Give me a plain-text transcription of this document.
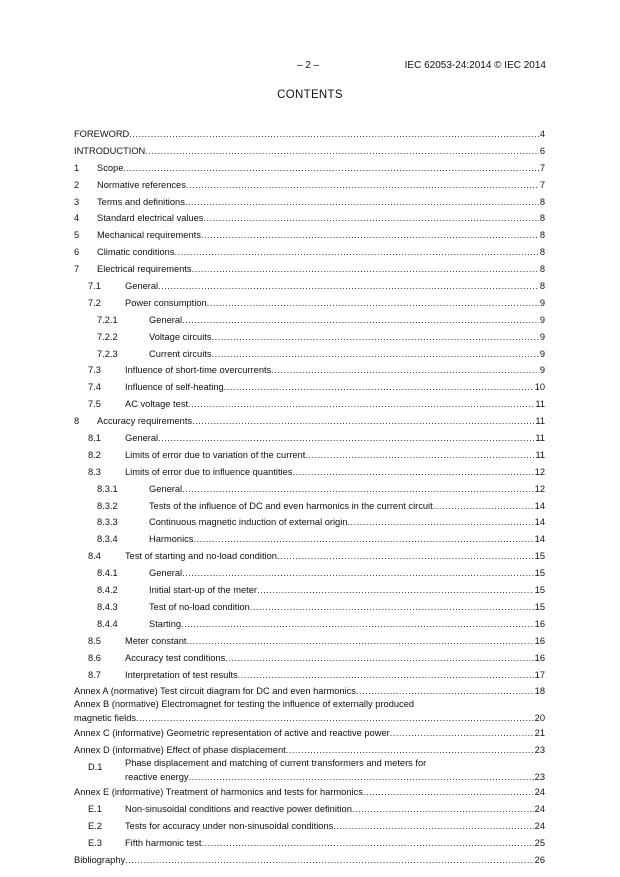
– 2 –	IEC 62053-24:2014 © IEC 2014
CONTENTS
FOREWORD . . .	4
INTRODUCTION . . .	6
1 Scope . . .	7
2 Normative references . . .	7
3 Terms and definitions . . .	8
4 Standard electrical values . . .	8
5 Mechanical requirements . . .	8
6 Climatic conditions . . .	8
7 Electrical requirements . . .	8
7.1	General . . .	8
7.2	Power consumption . . .	9
7.2.1	General . . .	9
7.2.2	Voltage circuits . . .	9
7.2.3	Current circuits . . .	9
7.3	Influence of short-time overcurrents . . .	9
7.4	Influence of self-heating . . .	10
7.5	AC voltage test . . .	11
8 Accuracy requirements . . .	11
8.1	General . . .	11
8.2	Limits of error due to variation of the current . . .	11
8.3	Limits of error due to influence quantities . . .	12
8.3.1	General . . .	12
8.3.2	Tests of the influence of DC and even harmonics in the current circuit . . .	14
8.3.3	Continuous magnetic induction of external origin . . .	14
8.3.4	Harmonics . . .	14
8.4	Test of starting and no-load condition . . .	15
8.4.1	General . . .	15
8.4.2	Initial start-up of the meter . . .	15
8.4.3	Test of no-load condition . . .	15
8.4.4	Starting . . .	16
8.5	Meter constant . . .	16
8.6	Accuracy test conditions . . .	16
8.7	Interpretation of test results . . .	17
Annex A (normative) Test circuit diagram for DC and even harmonics . . .	18
Annex B (normative) Electromagnet for testing the influence of externally produced
magnetic fields . . .	20
Annex C (informative) Geometric representation of active and reactive power . . .	21
Annex D (informative) Effect of phase displacement . . .	23
D.1 Phase displacement and matching of current transformers and meters for
reactive energy . . .	23
Annex E (informative) Treatment of harmonics and tests for harmonics . . .	24
E.1 Non-sinusoidal conditions and reactive power definition . . .	24
E.2 Tests for accuracy under non-sinusoidal conditions . . .	24
E.3 Fifth harmonic test . . .	25
Bibliography . . .	26
